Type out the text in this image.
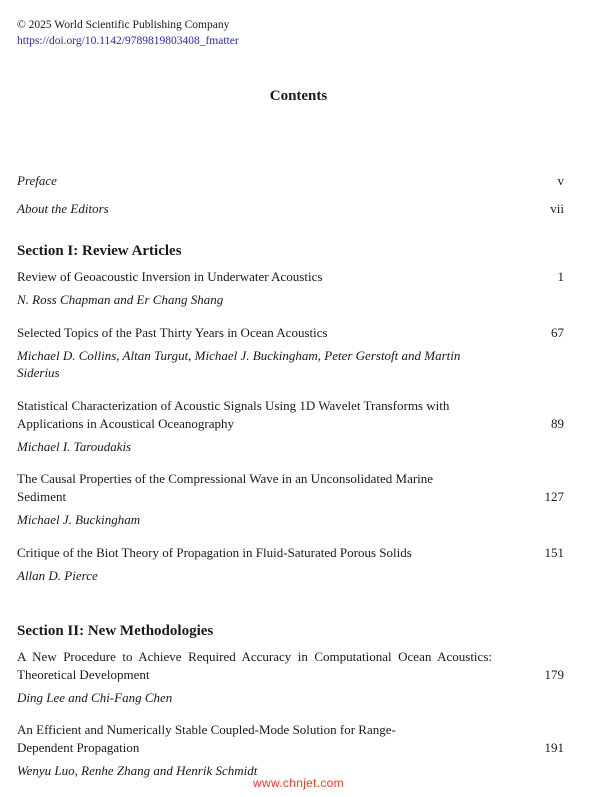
© 2025 World Scientific Publishing Company
https://doi.org/10.1142/9789819803408_fmatter
Contents
Preface	v
About the Editors	vii
Section I: Review Articles
Review of Geoacoustic Inversion in Underwater Acoustics	1
N. Ross Chapman and Er Chang Shang
Selected Topics of the Past Thirty Years in Ocean Acoustics	67
Michael D. Collins, Altan Turgut, Michael J. Buckingham, Peter Gerstoft and Martin Siderius
Statistical Characterization of Acoustic Signals Using 1D Wavelet Transforms with Applications in Acoustical Oceanography	89
Michael I. Taroudakis
The Causal Properties of the Compressional Wave in an Unconsolidated Marine Sediment	127
Michael J. Buckingham
Critique of the Biot Theory of Propagation in Fluid-Saturated Porous Solids	151
Allan D. Pierce
Section II: New Methodologies
A New Procedure to Achieve Required Accuracy in Computational Ocean Acoustics: Theoretical Development	179
Ding Lee and Chi-Fang Chen
An Efficient and Numerically Stable Coupled-Mode Solution for Range-Dependent Propagation	191
Wenyu Luo, Renhe Zhang and Henrik Schmidt
www.chnjet.com
